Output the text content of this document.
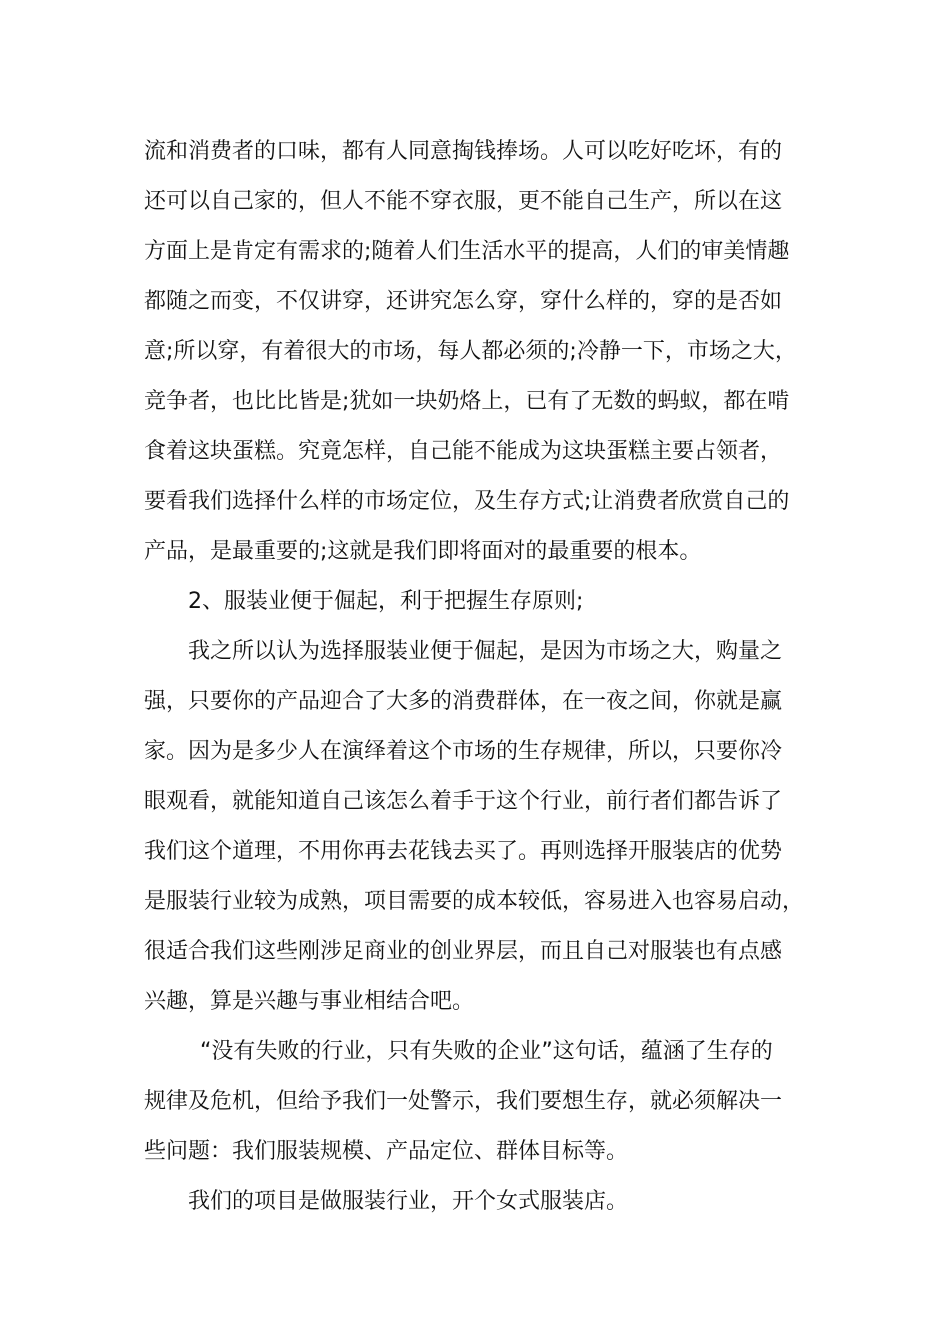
流和消费者的口味，都有人同意掏钱捧场。人可以吃好吃坏，有的
还可以自己家的，但人不能不穿衣服，更不能自己生产，所以在这
方面上是肯定有需求的;随着人们生活水平的提高，人们的审美情趣
都随之而变，不仅讲穿，还讲究怎么穿，穿什么样的，穿的是否如
意;所以穿，有着很大的市场，每人都必须的;冷静一下，市场之大，
竞争者，也比比皆是;犹如一块奶烙上，已有了无数的蚂蚁，都在啃
食着这块蛋糕。究竟怎样，自己能不能成为这块蛋糕主要占领者，
要看我们选择什么样的市场定位，及生存方式;让消费者欣赏自己的
产品，是最重要的;这就是我们即将面对的最重要的根本。
2、服装业便于倔起，利于把握生存原则;
我之所以认为选择服装业便于倔起，是因为市场之大，购量之
强，只要你的产品迎合了大多的消费群体，在一夜之间，你就是赢
家。因为是多少人在演绎着这个市场的生存规律，所以，只要你冷
眼观看，就能知道自己该怎么着手于这个行业，前行者们都告诉了
我们这个道理，不用你再去花钱去买了。再则选择开服装店的优势
是服装行业较为成熟，项目需要的成本较低，容易进入也容易启动，
很适合我们这些刚涉足商业的创业界层，而且自己对服装也有点感
兴趣，算是兴趣与事业相结合吧。
“没有失败的行业，只有失败的企业”这句话，蕴涵了生存的
规律及危机，但给予我们一处警示，我们要想生存，就必须解决一
些问题：我们服装规模、产品定位、群体目标等。
我们的项目是做服装行业，开个女式服装店。
